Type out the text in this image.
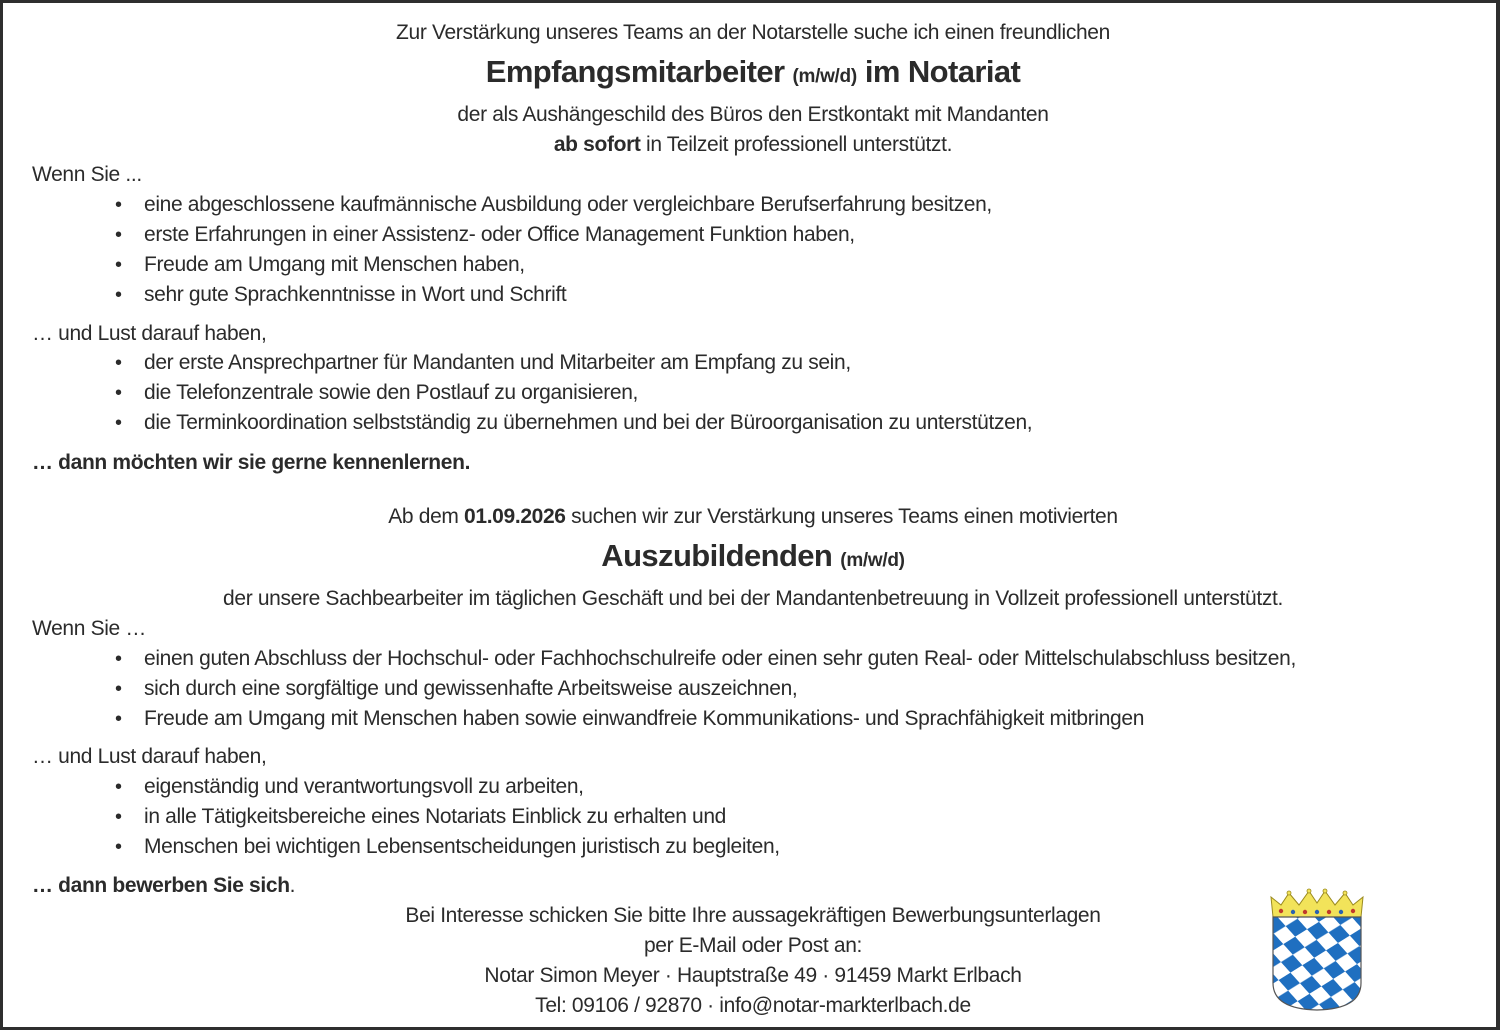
Zur Verstärkung unseres Teams an der Notarstelle suche ich einen freundlichen
Empfangsmitarbeiter (m/w/d) im Notariat
der als Aushängeschild des Büros den Erstkontakt mit Mandanten
ab sofort in Teilzeit professionell unterstützt.
Wenn Sie ...
• eine abgeschlossene kaufmännische Ausbildung oder vergleichbare Berufserfahrung besitzen,
• erste Erfahrungen in einer Assistenz- oder Office Management Funktion haben,
• Freude am Umgang mit Menschen haben,
• sehr gute Sprachkenntnisse in Wort und Schrift
… und Lust darauf haben,
• der erste Ansprechpartner für Mandanten und Mitarbeiter am Empfang zu sein,
• die Telefonzentrale sowie den Postlauf zu organisieren,
• die Terminkoordination selbstständig zu übernehmen und bei der Büroorganisation zu unterstützen,
… dann möchten wir sie gerne kennenlernen.
Ab dem 01.09.2026 suchen wir zur Verstärkung unseres Teams einen motivierten
Auszubildenden (m/w/d)
der unsere Sachbearbeiter im täglichen Geschäft und bei der Mandantenbetreuung in Vollzeit professionell unterstützt.
Wenn Sie …
• einen guten Abschluss der Hochschul- oder Fachhochschulreife oder einen sehr guten Real- oder Mittelschulabschluss besitzen,
• sich durch eine sorgfältige und gewissenhafte Arbeitsweise auszeichnen,
• Freude am Umgang mit Menschen haben sowie einwandfreie Kommunikations- und Sprachfähigkeit mitbringen
… und Lust darauf haben,
• eigenständig und verantwortungsvoll zu arbeiten,
• in alle Tätigkeitsbereiche eines Notariats Einblick zu erhalten und
• Menschen bei wichtigen Lebensentscheidungen juristisch zu begleiten,
… dann bewerben Sie sich.
Bei Interesse schicken Sie bitte Ihre aussagekräftigen Bewerbungsunterlagen
per E-Mail oder Post an:
Notar Simon Meyer · Hauptstraße 49 · 91459 Markt Erlbach
Tel: 09106 / 92870 · info@notar-markterlbach.de
